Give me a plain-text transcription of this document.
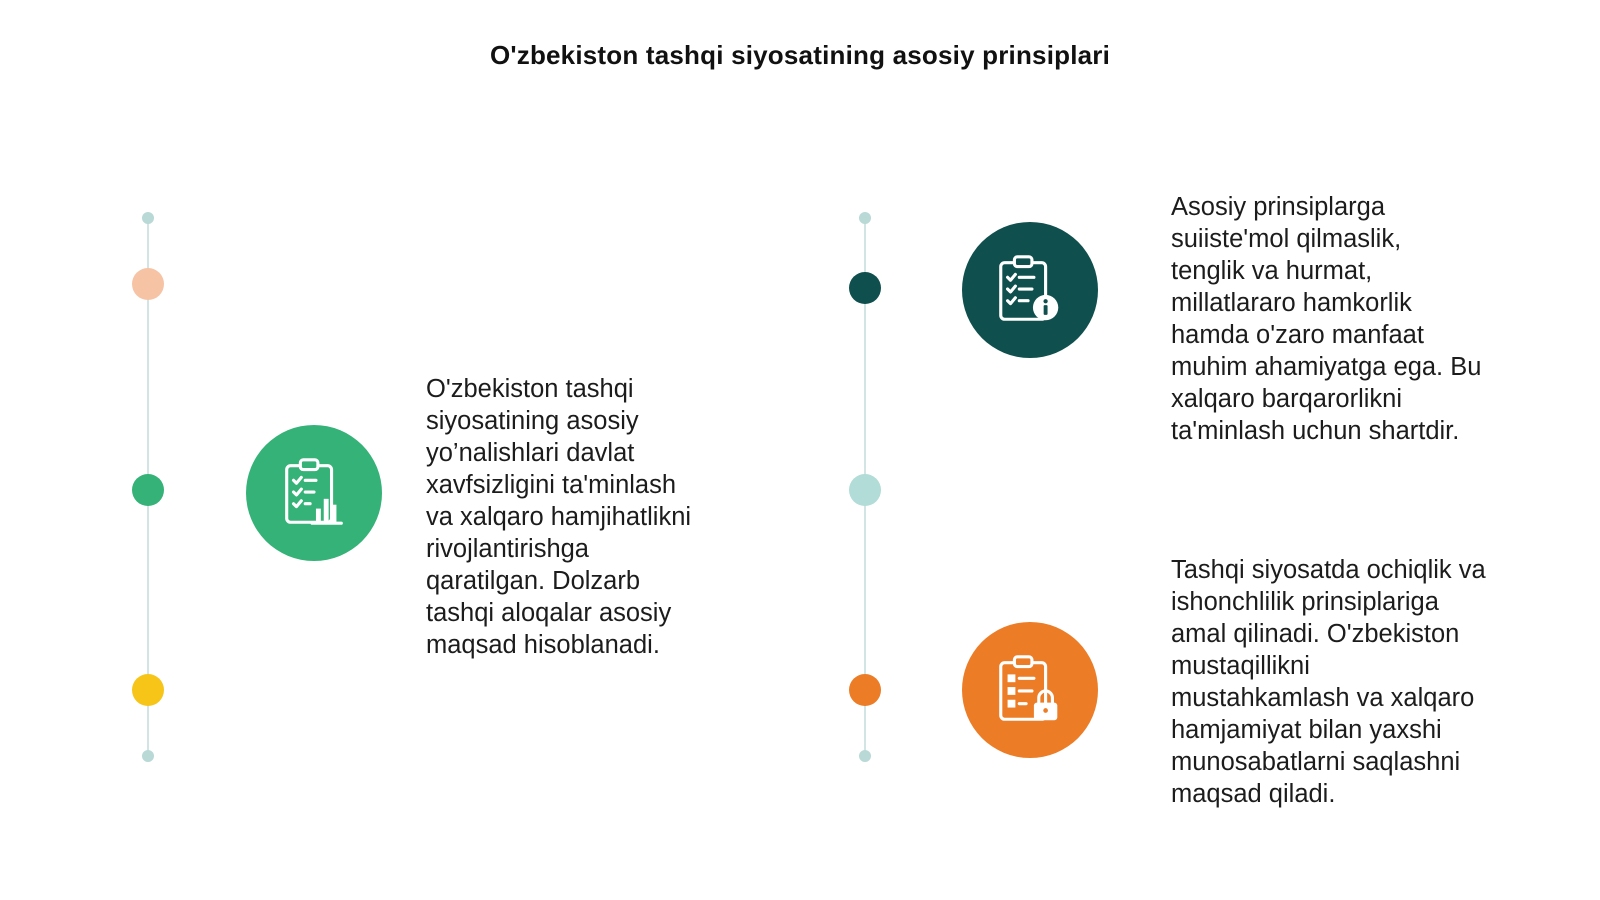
O'zbekiston tashqi siyosatining asosiy prinsiplari
O'zbekiston tashqi
siyosatining asosiy
yo’nalishlari davlat
xavfsizligini ta'minlash
va xalqaro hamjihatlikni
rivojlantirishga
qaratilgan. Dolzarb
tashqi aloqalar asosiy
maqsad hisoblanadi.
Asosiy prinsiplarga
suiiste'mol qilmaslik,
tenglik va hurmat,
millatlararo hamkorlik
hamda o'zaro manfaat
muhim ahamiyatga ega. Bu
xalqaro barqarorlikni
ta'minlash uchun shartdir.
Tashqi siyosatda ochiqlik va
ishonchlilik prinsiplariga
amal qilinadi. O'zbekiston
mustaqillikni
mustahkamlash va xalqaro
hamjamiyat bilan yaxshi
munosabatlarni saqlashni
maqsad qiladi.
